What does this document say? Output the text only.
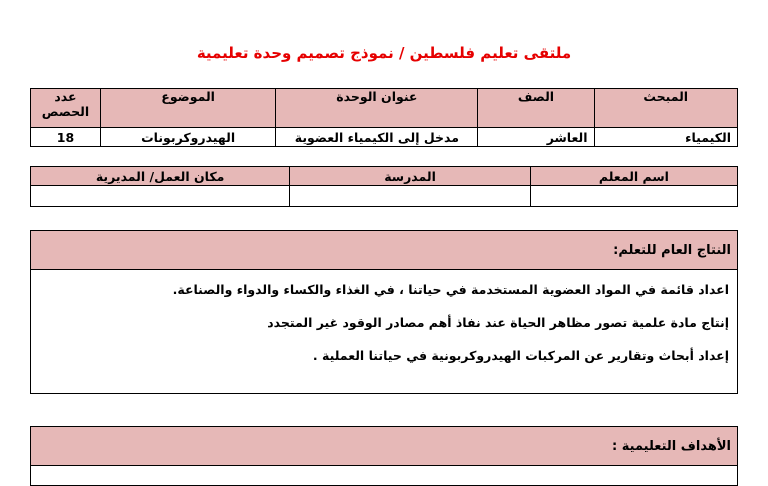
ملتقى تعليم فلسطين / نموذج تصميم وحدة تعليمية
المبحث	الصف	عنوان الوحدة	الموضوع	عدد الحصص
الكيمياء	العاشر	مدخل إلى الكيمياء العضوية	الهيدروكربونات	18
اسم المعلم	المدرسة	مكان العمل/ المديرية

النتاج العام للتعلم:
اعداد قائمة في المواد العضوية المستخدمة في حياتنا ، في الغذاء والكساء والدواء والصناعة.
إنتاج مادة علمية تصور مظاهر الحياة عند نفاذ أهم مصادر الوقود غير المتجدد
إعداد أبحاث وتقارير عن المركبات الهيدروكربونية في حياتنا العملية .
الأهداف التعليمية :
